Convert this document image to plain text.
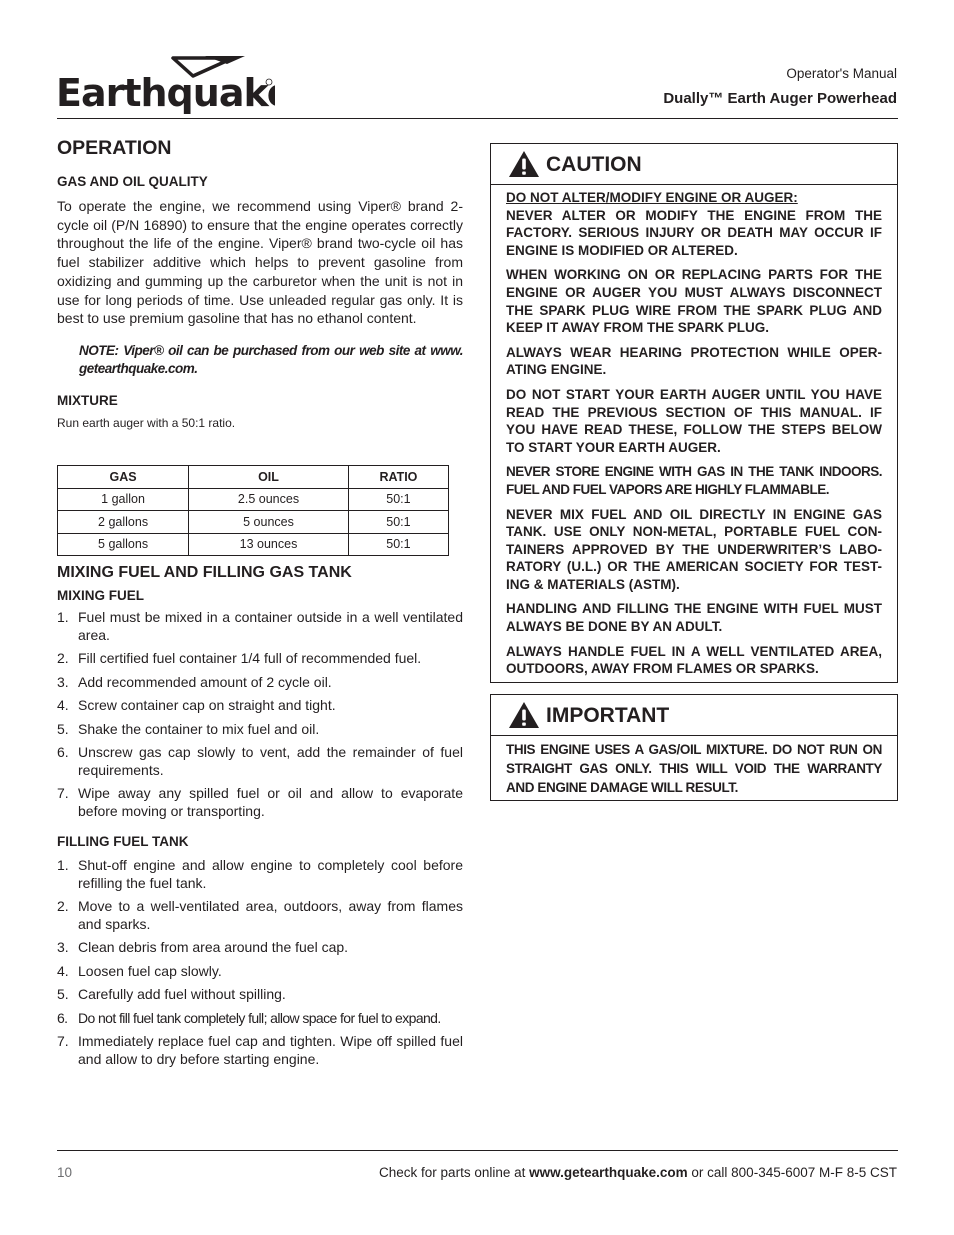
Earthquake	Operator's Manual
Dually™ Earth Auger Powerhead
OPERATION
GAS AND OIL QUALITY

To operate the engine, we recommend using Viper® brand 2-cycle oil (P/N 16890) to ensure that the engine operates correctly throughout the life of the engine. Viper® brand two-cycle oil has fuel stabilizer additive which helps to prevent gasoline from oxidizing and gumming up the carburetor when the unit is not in use for long periods of time. Use unleaded regular gas only. It is best to use premium gasoline that has no ethanol content.

NOTE: Viper® oil can be purchased from our web site at www. getearthquake.com.

MIXTURE

Run earth auger with a 50:1 ratio.

GAS	OIL	RATIO
1 gallon	2.5 ounces	50:1
2 gallons	5 ounces	50:1
5 gallons	13 ounces	50:1
MIXING FUEL AND FILLING GAS TANK
MIXING FUEL
1. Fuel must be mixed in a container outside in a well ventilated area.
2. Fill certified fuel container 1/4 full of recommended fuel.
3. Add recommended amount of 2 cycle oil.
4. Screw container cap on straight and tight.
5. Shake the container to mix fuel and oil.
6. Unscrew gas cap slowly to vent, add the remainder of fuel requirements.
7. Wipe away any spilled fuel or oil and allow to evaporate before moving or transporting.
FILLING FUEL TANK
1. Shut-off engine and allow engine to completely cool before refilling the fuel tank.
2. Move to a well-ventilated area, outdoors, away from flames and sparks.
3. Clean debris from area around the fuel cap.
4. Loosen fuel cap slowly.
5. Carefully add fuel without spilling.
6. Do not fill fuel tank completely full; allow space for fuel to expand.
7. Immediately replace fuel cap and tighten. Wipe off spilled fuel and allow to dry before starting engine.
CAUTION

DO NOT ALTER/MODIFY ENGINE OR AUGER:

NEVER ALTER OR MODIFY THE ENGINE FROM THE FACTORY. SERIOUS INJURY OR DEATH MAY OCCUR IF ENGINE IS MODIFIED OR ALTERED.

WHEN WORKING ON OR REPLACING PARTS FOR THE ENGINE OR AUGER YOU MUST ALWAYS DISCONNECT THE SPARK PLUG WIRE FROM THE SPARK PLUG AND KEEP IT AWAY FROM THE SPARK PLUG.

ALWAYS WEAR HEARING PROTECTION WHILE OPER-ATING ENGINE.

DO NOT START YOUR EARTH AUGER UNTIL YOU HAVE READ THE PREVIOUS SECTION OF THIS MANUAL. IF YOU HAVE READ THESE, FOLLOW THE STEPS BELOW TO START YOUR EARTH AUGER.

NEVER STORE ENGINE WITH GAS IN THE TANK INDOORS. FUEL AND FUEL VAPORS ARE HIGHLY FLAMMABLE.

NEVER MIX FUEL AND OIL DIRECTLY IN ENGINE GAS TANK. USE ONLY NON-METAL, PORTABLE FUEL CON-TAINERS APPROVED BY THE UNDERWRITER’S LABO-RATORY (U.L.) OR THE AMERICAN SOCIETY FOR TEST-ING & MATERIALS (ASTM).

HANDLING AND FILLING THE ENGINE WITH FUEL MUST ALWAYS BE DONE BY AN ADULT.

ALWAYS HANDLE FUEL IN A WELL VENTILATED AREA, OUTDOORS, AWAY FROM FLAMES OR SPARKS.

IMPORTANT

THIS ENGINE USES A GAS/OIL MIXTURE. DO NOT RUN ON STRAIGHT GAS ONLY. THIS WILL VOID THE WARRANTY AND ENGINE DAMAGE WILL RESULT.

10	Check for parts online at www.getearthquake.com or call 800-345-6007 M-F 8-5 CST
